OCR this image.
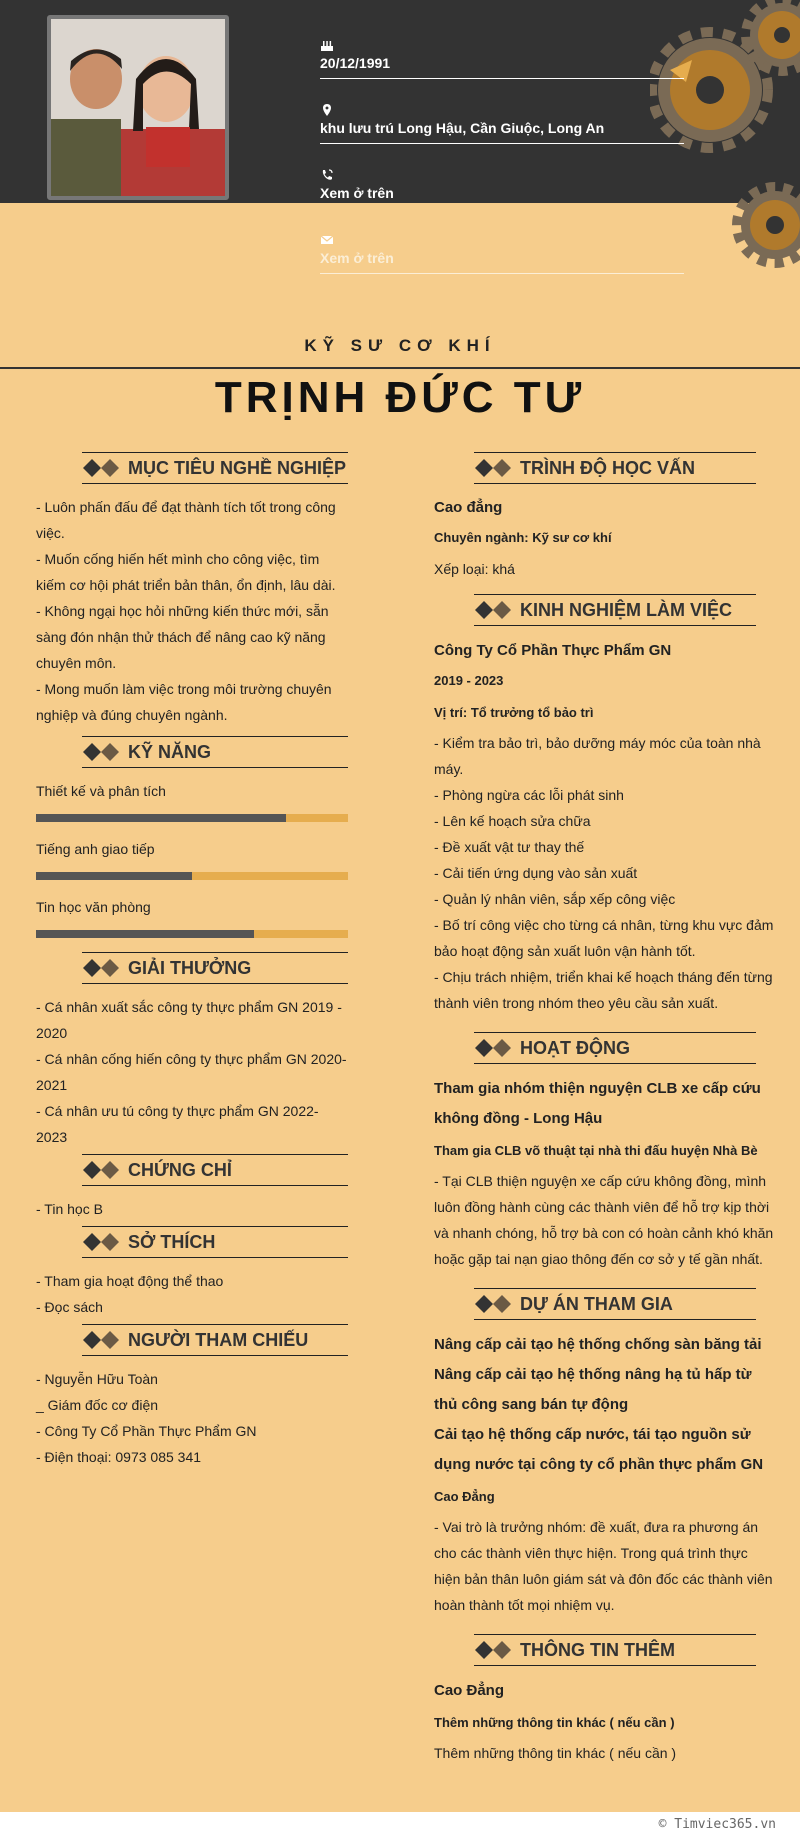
20/12/1991
khu lưu trú Long Hậu, Cần Giuộc, Long An
Xem ở trên
Xem ở trên
KỸ SƯ CƠ KHÍ
TRỊNH ĐỨC TƯ
MỤC TIÊU NGHỀ NGHIỆP
- Luôn phấn đấu để đạt thành tích tốt trong công việc.
- Muốn cống hiến hết mình cho công việc, tìm kiếm cơ hội phát triển bản thân, ổn định, lâu dài.
- Không ngại học hỏi những kiến thức mới, sẵn sàng đón nhận thử thách để nâng cao kỹ năng chuyên môn.
- Mong muốn làm việc trong môi trường chuyên nghiệp và đúng chuyên ngành.
KỸ NĂNG
Thiết kế và phân tích
Tiếng anh giao tiếp
Tin học văn phòng
GIẢI THƯỞNG
- Cá nhân xuất sắc công ty thực phẩm GN 2019 - 2020
- Cá nhân cống hiến công ty thực phẩm GN 2020-2021
- Cá nhân ưu tú công ty thực phẩm GN 2022-2023
CHỨNG CHỈ
- Tin học B
SỞ THÍCH
- Tham gia hoạt động thể thao
- Đọc sách
NGƯỜI THAM CHIẾU
- Nguyễn Hữu Toàn
_ Giám đốc cơ điện
- Công Ty Cổ Phần Thực Phẩm GN
- Điện thoại: 0973 085 341
TRÌNH ĐỘ HỌC VẤN
Cao đẳng
Chuyên ngành: Kỹ sư cơ khí
Xếp loại: khá
KINH NGHIỆM LÀM VIỆC
Công Ty Cổ Phần Thực Phẩm GN
2019 - 2023
Vị trí: Tổ trưởng tổ bảo trì
- Kiểm tra bảo trì, bảo dưỡng máy móc của toàn nhà máy.
- Phòng ngừa các lỗi phát sinh
- Lên kế hoạch sửa chữa
- Đề xuất vật tư thay thế
- Cải tiến ứng dụng vào sản xuất
- Quản lý nhân viên, sắp xếp công việc
- Bố trí công việc cho từng cá nhân, từng khu vực đảm bảo hoạt động sản xuất luôn vận hành tốt.
- Chịu trách nhiệm, triển khai kế hoạch tháng đến từng thành viên trong nhóm theo yêu cầu sản xuất.
HOẠT ĐỘNG
Tham gia nhóm thiện nguyện CLB xe cấp cứu không đồng - Long Hậu
Tham gia CLB võ thuật tại nhà thi đấu huyện Nhà Bè
- Tại CLB thiện nguyện xe cấp cứu không đồng, mình luôn đồng hành cùng các thành viên để hỗ trợ kịp thời và nhanh chóng, hỗ trợ bà con có hoàn cảnh khó khăn hoặc gặp tai nạn giao thông đến cơ sở y tế gần nhất.
DỰ ÁN THAM GIA
Nâng cấp cải tạo hệ thống chống sàn băng tải
Nâng cấp cải tạo hệ thống nâng hạ tủ hấp từ thủ công sang bán tự động
Cải tạo hệ thống cấp nước, tái tạo nguồn sử dụng nước tại công ty cổ phần thực phẩm GN
Cao Đẳng
- Vai trò là trưởng nhóm: đề xuất, đưa ra phương án cho các thành viên thực hiện. Trong quá trình thực hiện bản thân luôn giám sát và đôn đốc các thành viên hoàn thành tốt mọi nhiệm vụ.
THÔNG TIN THÊM
Cao Đẳng
Thêm những thông tin khác ( nếu cần )
Thêm những thông tin khác ( nếu cần )
© Timviec365.vn
